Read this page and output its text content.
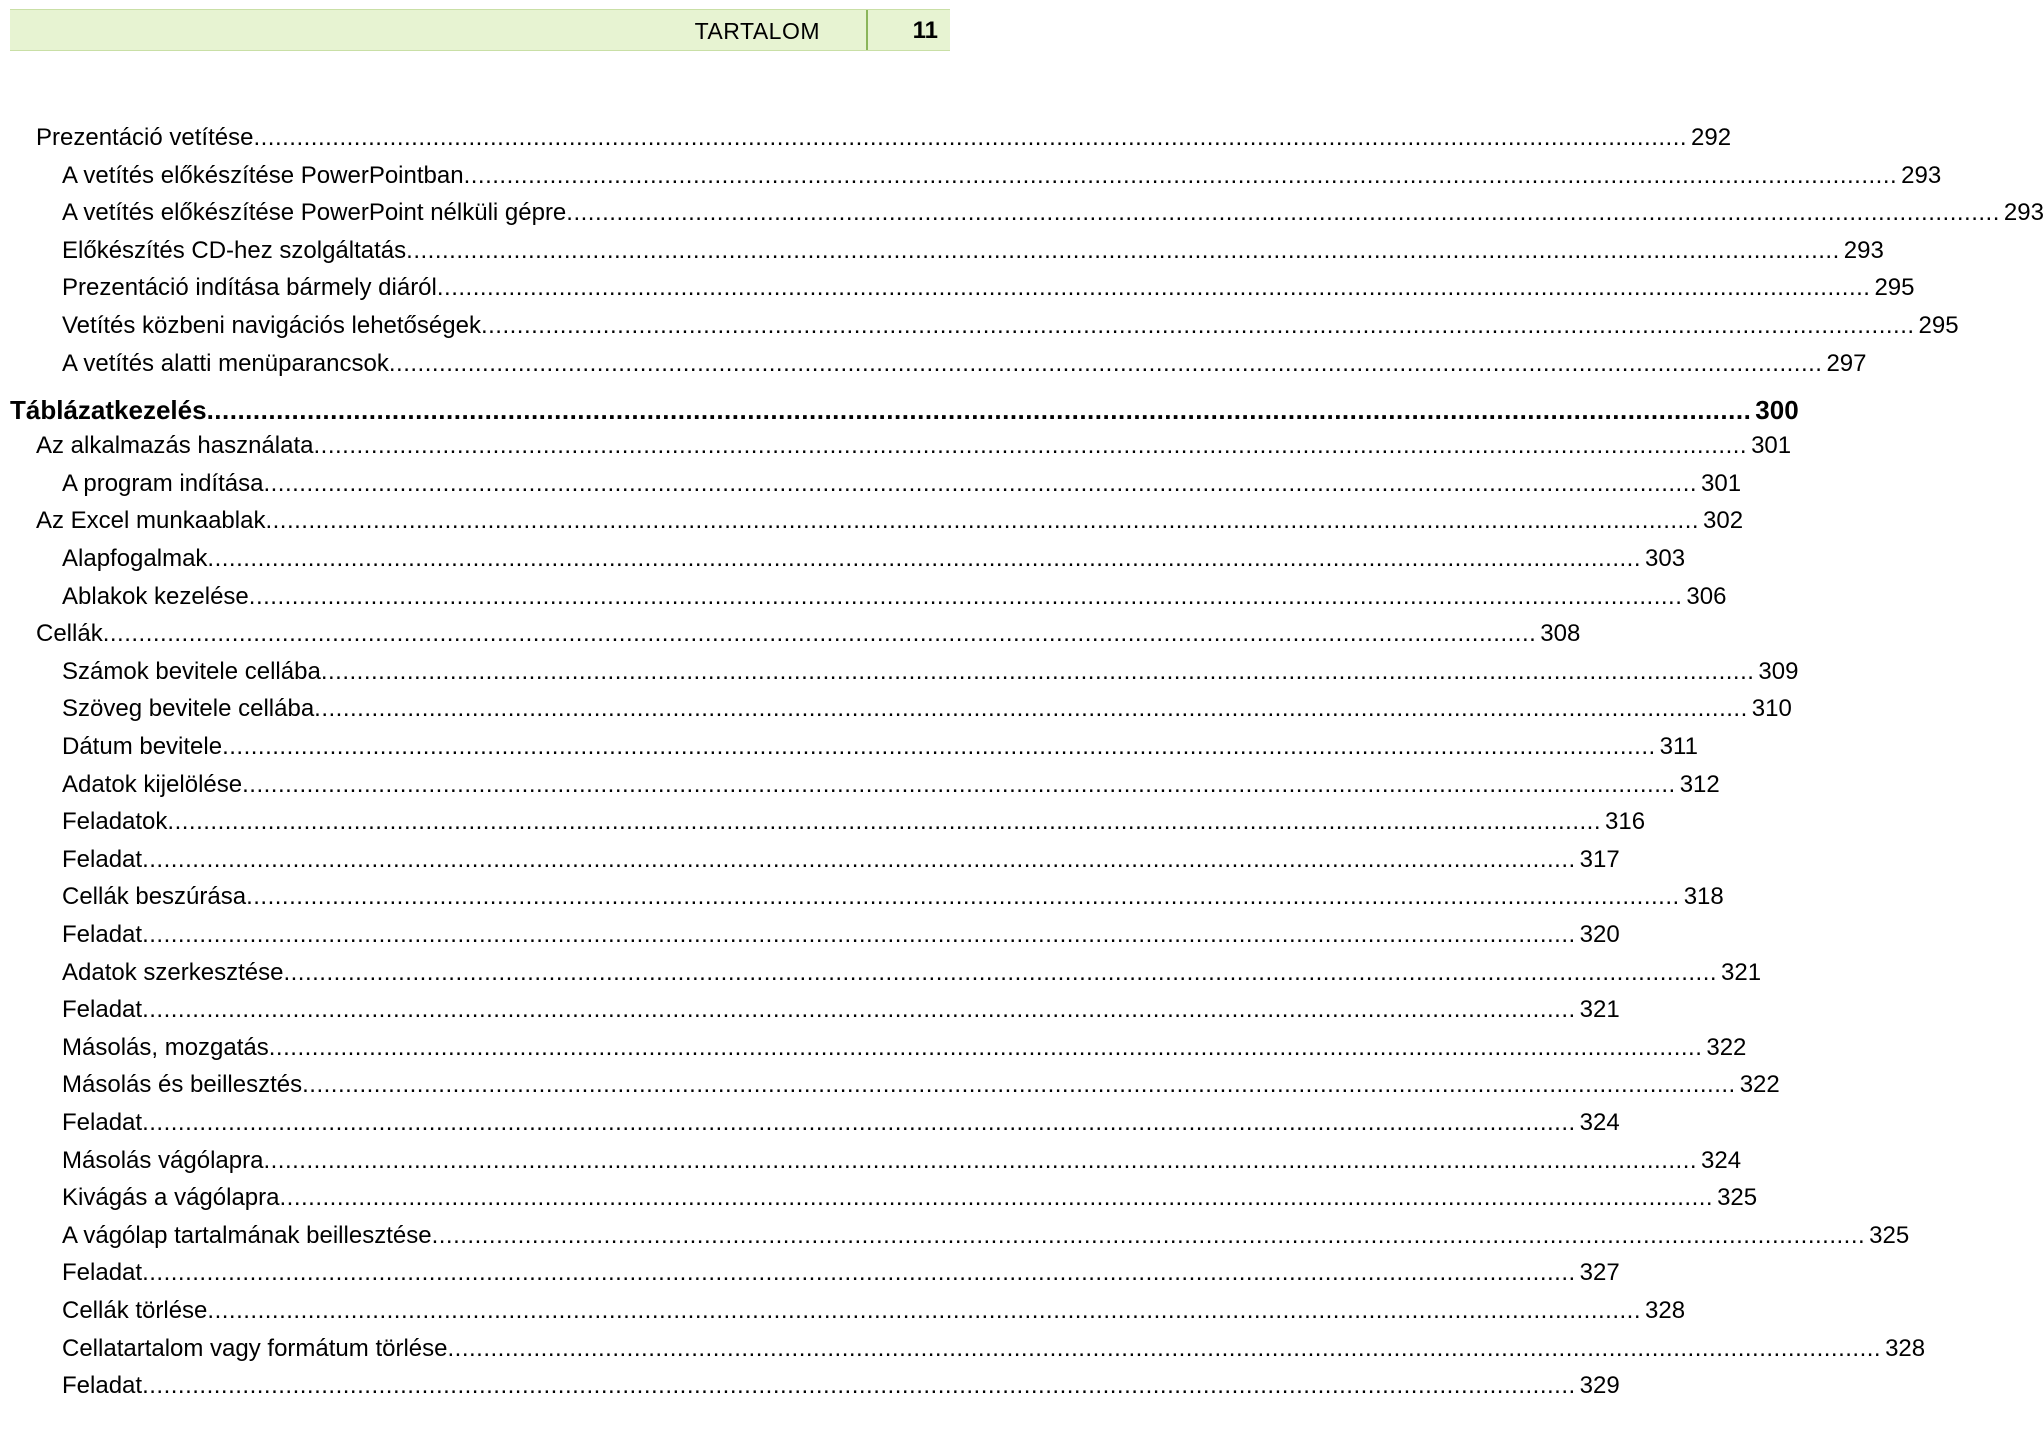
TARTALOM	11
Prezentáció vetítése ........................................................................................................................................................................................................ 292
A vetítés előkészítése PowerPointban ........................................................................................................................................................................................................ 293
A vetítés előkészítése PowerPoint nélküli gépre ........................................................................................................................................................................................................ 293
Előkészítés CD-hez szolgáltatás ........................................................................................................................................................................................................ 293
Prezentáció indítása bármely diáról ........................................................................................................................................................................................................ 295
Vetítés közbeni navigációs lehetőségek ........................................................................................................................................................................................................ 295
A vetítés alatti menüparancsok ........................................................................................................................................................................................................ 297
Táblázatkezelés ........................................................................................................................................................................................................ 300
Az alkalmazás használata ........................................................................................................................................................................................................ 301
A program indítása ........................................................................................................................................................................................................ 301
Az Excel munkaablak ........................................................................................................................................................................................................ 302
Alapfogalmak ........................................................................................................................................................................................................ 303
Ablakok kezelése ........................................................................................................................................................................................................ 306
Cellák ........................................................................................................................................................................................................ 308
Számok bevitele cellába ........................................................................................................................................................................................................ 309
Szöveg bevitele cellába ........................................................................................................................................................................................................ 310
Dátum bevitele ........................................................................................................................................................................................................ 311
Adatok kijelölése ........................................................................................................................................................................................................ 312
Feladatok ........................................................................................................................................................................................................ 316
Feladat ........................................................................................................................................................................................................ 317
Cellák beszúrása ........................................................................................................................................................................................................ 318
Feladat ........................................................................................................................................................................................................ 320
Adatok szerkesztése ........................................................................................................................................................................................................ 321
Feladat ........................................................................................................................................................................................................ 321
Másolás, mozgatás ........................................................................................................................................................................................................ 322
Másolás és beillesztés ........................................................................................................................................................................................................ 322
Feladat ........................................................................................................................................................................................................ 324
Másolás vágólapra ........................................................................................................................................................................................................ 324
Kivágás a vágólapra ........................................................................................................................................................................................................ 325
A vágólap tartalmának beillesztése ........................................................................................................................................................................................................ 325
Feladat ........................................................................................................................................................................................................ 327
Cellák törlése ........................................................................................................................................................................................................ 328
Cellatartalom vagy formátum törlése ........................................................................................................................................................................................................ 328
Feladat ........................................................................................................................................................................................................ 329
